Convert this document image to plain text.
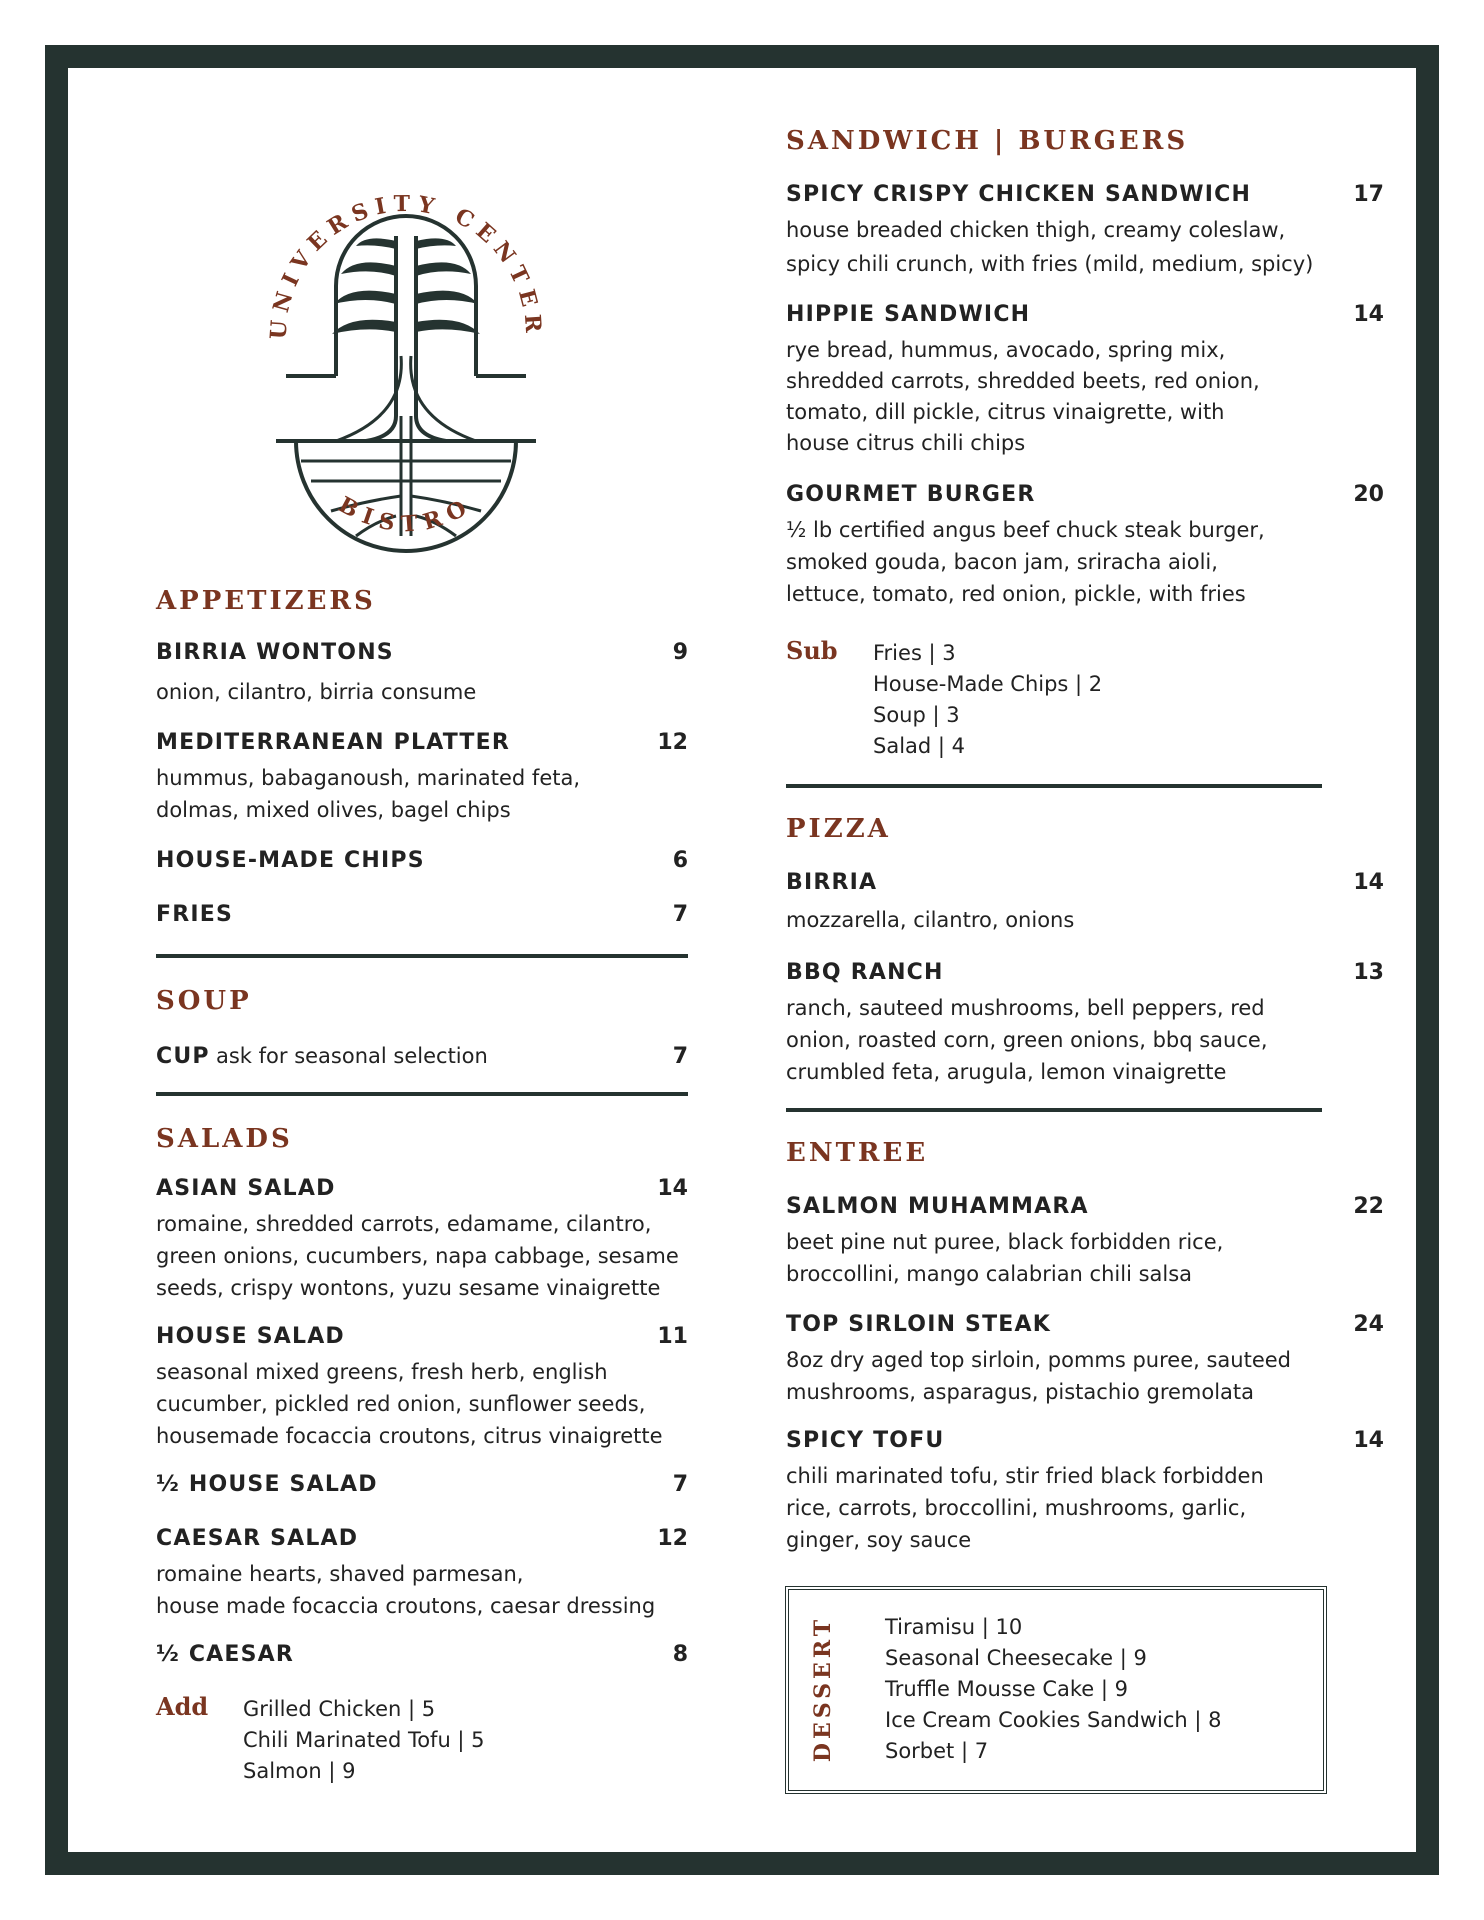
UNIVERSITY CENTER
BISTRO
APPETIZERS
BIRRIA WONTONS	9
onion, cilantro, birria consume
MEDITERRANEAN PLATTER	12
hummus, babaganoush, marinated feta,
dolmas, mixed olives, bagel chips
HOUSE-MADE CHIPS	6
FRIES	7
SOUP
CUP ask for seasonal selection	7
SALADS
ASIAN SALAD	14
romaine, shredded carrots, edamame, cilantro,
green onions, cucumbers, napa cabbage, sesame
seeds, crispy wontons, yuzu sesame vinaigrette
HOUSE SALAD	11
seasonal mixed greens, fresh herb, english
cucumber, pickled red onion, sunflower seeds,
housemade focaccia croutons, citrus vinaigrette
½ HOUSE SALAD	7
CAESAR SALAD	12
romaine hearts, shaved parmesan,
house made focaccia croutons, caesar dressing
½ CAESAR	8
Add Grilled Chicken | 5
Chili Marinated Tofu | 5
Salmon | 9
SANDWICH | BURGERS
SPICY CRISPY CHICKEN SANDWICH	17
house breaded chicken thigh, creamy coleslaw,
spicy chili crunch, with fries (mild, medium, spicy)
HIPPIE SANDWICH	14
rye bread, hummus, avocado, spring mix,
shredded carrots, shredded beets, red onion,
tomato, dill pickle, citrus vinaigrette, with
house citrus chili chips
GOURMET BURGER	20
½ lb certified angus beef chuck steak burger,
smoked gouda, bacon jam, sriracha aioli,
lettuce, tomato, red onion, pickle, with fries
Sub Fries | 3
House-Made Chips | 2
Soup | 3
Salad | 4
PIZZA
BIRRIA	14
mozzarella, cilantro, onions
BBQ RANCH	13
ranch, sauteed mushrooms, bell peppers, red
onion, roasted corn, green onions, bbq sauce,
crumbled feta, arugula, lemon vinaigrette
ENTREE
SALMON MUHAMMARA	22
beet pine nut puree, black forbidden rice,
broccollini, mango calabrian chili salsa
TOP SIRLOIN STEAK	24
8oz dry aged top sirloin, pomms puree, sauteed
mushrooms, asparagus, pistachio gremolata
SPICY TOFU	14
chili marinated tofu, stir fried black forbidden
rice, carrots, broccollini, mushrooms, garlic,
ginger, soy sauce
DESSERT Tiramisu | 10
Seasonal Cheesecake | 9
Truffle Mousse Cake | 9
Ice Cream Cookies Sandwich | 8
Sorbet | 7
